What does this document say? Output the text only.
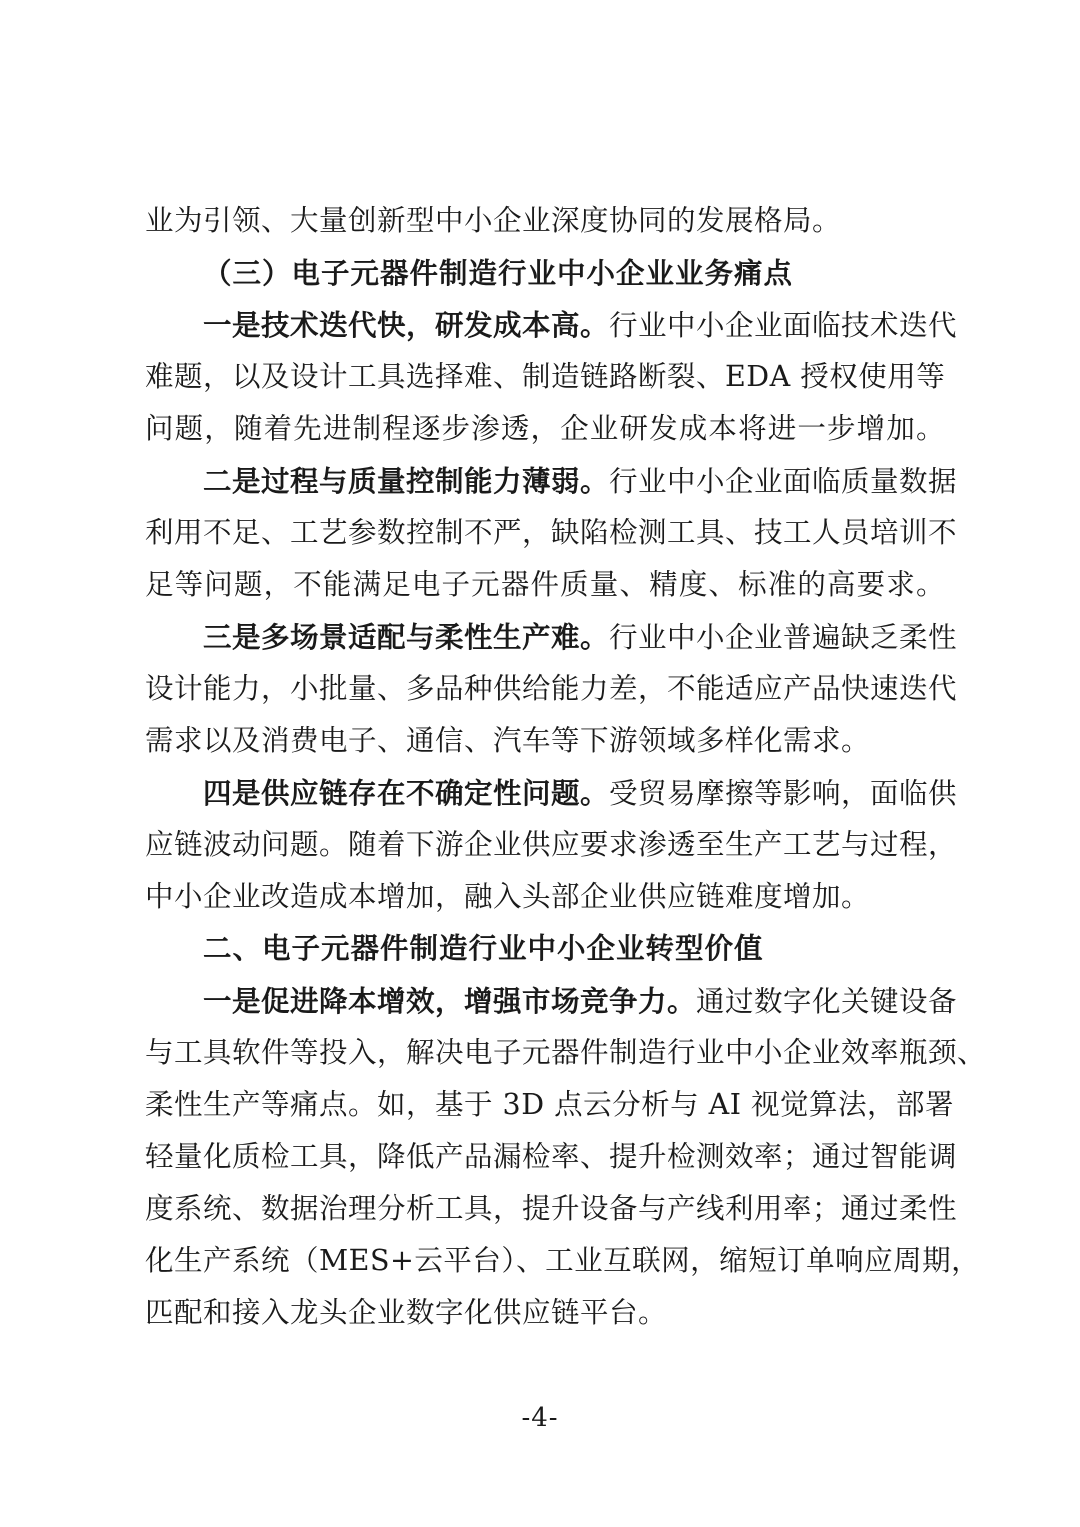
业为引领、大量创新型中小企业深度协同的发展格局。
（三）电子元器件制造行业中小企业业务痛点
一是技术迭代快，研发成本高。行业中小企业面临技术迭代
难题，以及设计工具选择难、制造链路断裂、EDA 授权使用等
问题，随着先进制程逐步渗透，企业研发成本将进一步增加。
二是过程与质量控制能力薄弱。行业中小企业面临质量数据
利用不足、工艺参数控制不严，缺陷检测工具、技工人员培训不
足等问题，不能满足电子元器件质量、精度、标准的高要求。
三是多场景适配与柔性生产难。行业中小企业普遍缺乏柔性
设计能力，小批量、多品种供给能力差，不能适应产品快速迭代
需求以及消费电子、通信、汽车等下游领域多样化需求。
四是供应链存在不确定性问题。受贸易摩擦等影响，面临供
应链波动问题。随着下游企业供应要求渗透至生产工艺与过程，
中小企业改造成本增加，融入头部企业供应链难度增加。
二、电子元器件制造行业中小企业转型价值
一是促进降本增效，增强市场竞争力。通过数字化关键设备
与工具软件等投入，解决电子元器件制造行业中小企业效率瓶颈、
柔性生产等痛点。如，基于 3D 点云分析与 AI 视觉算法，部署
轻量化质检工具，降低产品漏检率、提升检测效率；通过智能调
度系统、数据治理分析工具，提升设备与产线利用率；通过柔性
化生产系统（MES+云平台）、工业互联网，缩短订单响应周期，
匹配和接入龙头企业数字化供应链平台。
-4-
